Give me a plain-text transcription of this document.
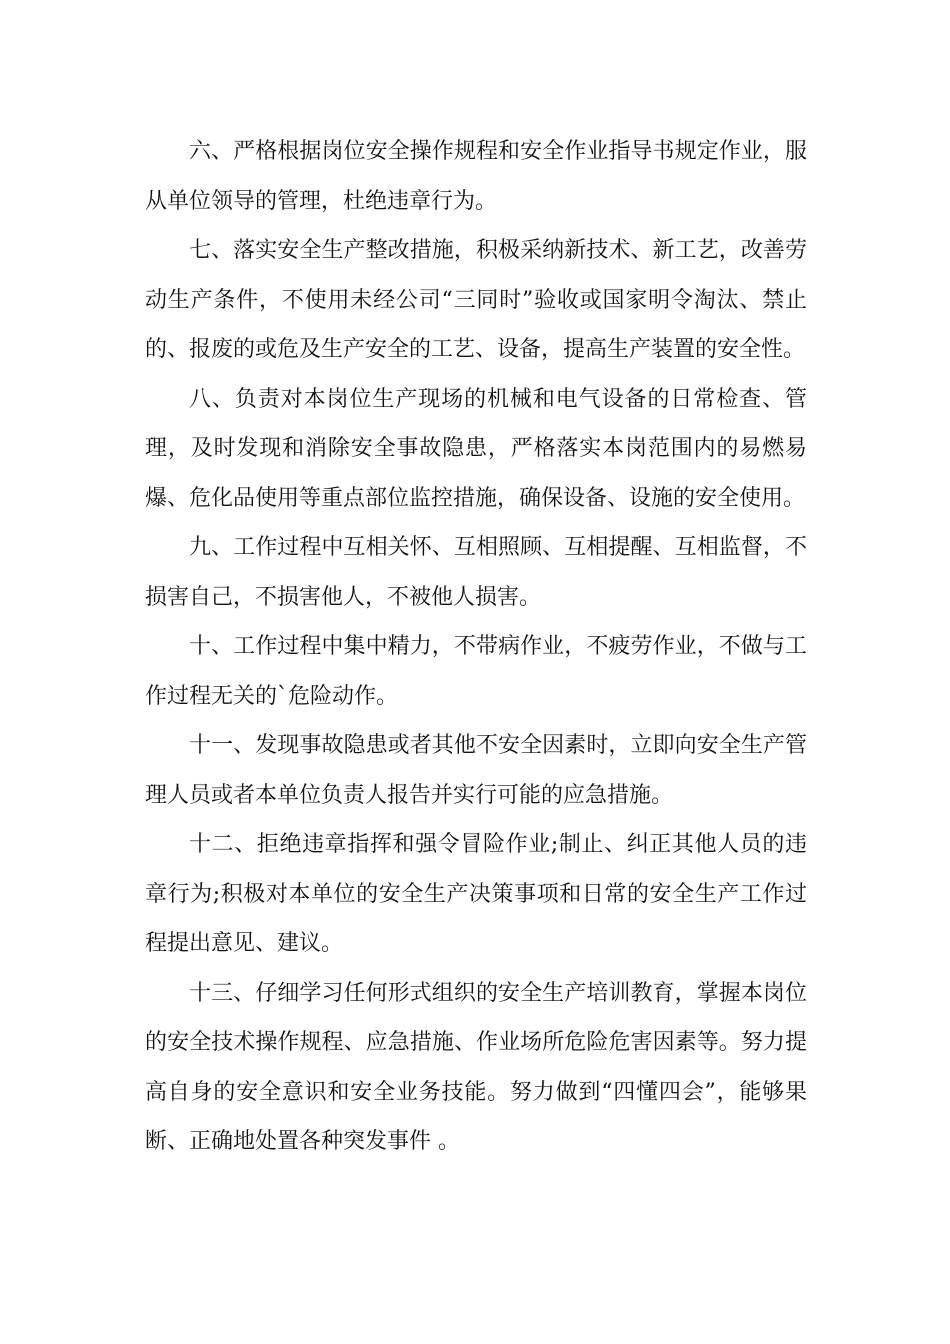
六、严格根据岗位安全操作规程和安全作业指导书规定作业，服从单位领导的管理，杜绝违章行为。

七、落实安全生产整改措施，积极采纳新技术、新工艺，改善劳动生产条件，不使用未经公司“三同时”验收或国家明令淘汰、禁止的、报废的或危及生产安全的工艺、设备，提高生产装置的安全性。

八、负责对本岗位生产现场的机械和电气设备的日常检查、管理，及时发现和消除安全事故隐患，严格落实本岗范围内的易燃易爆、危化品使用等重点部位监控措施，确保设备、设施的安全使用。

九、工作过程中互相关怀、互相照顾、互相提醒、互相监督，不损害自己，不损害他人，不被他人损害。

十、工作过程中集中精力，不带病作业，不疲劳作业，不做与工作过程无关的`危险动作。

十一、发现事故隐患或者其他不安全因素时，立即向安全生产管理人员或者本单位负责人报告并实行可能的应急措施。

十二、拒绝违章指挥和强令冒险作业;制止、纠正其他人员的违章行为;积极对本单位的安全生产决策事项和日常的安全生产工作过程提出意见、建议。

十三、仔细学习任何形式组织的安全生产培训教育，掌握本岗位的安全技术操作规程、应急措施、作业场所危险危害因素等。努力提高自身的安全意识和安全业务技能。努力做到“四懂四会”，能够果断、正确地处置各种突发事件 。
